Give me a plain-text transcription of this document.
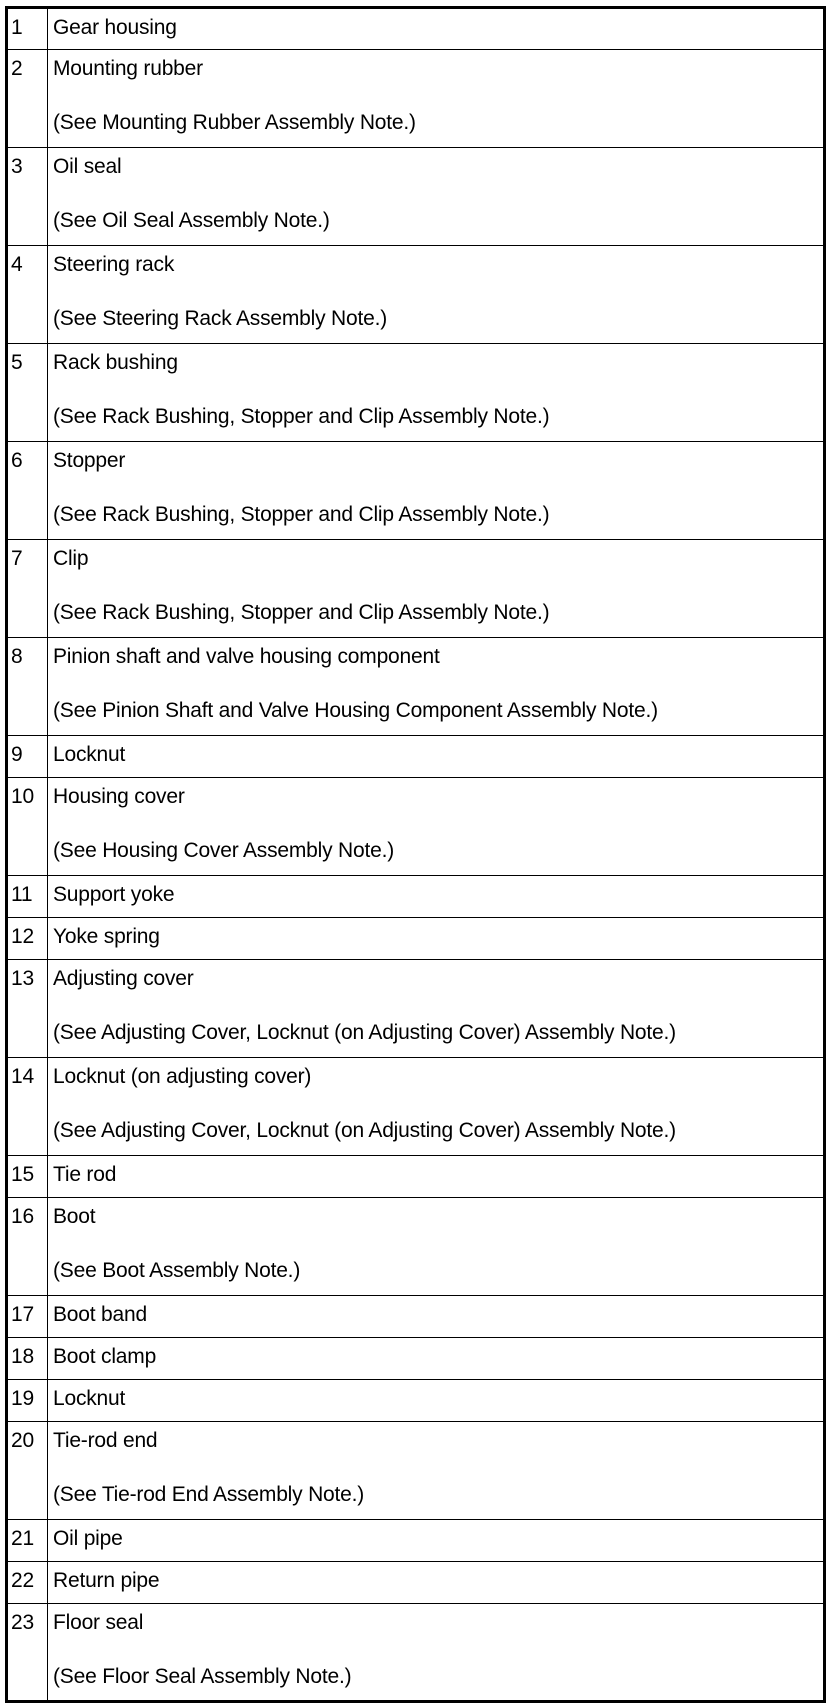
1	Gear housing

2	Mounting rubber
(See Mounting Rubber Assembly Note.)

3	Oil seal
(See Oil Seal Assembly Note.)

4	Steering rack
(See Steering Rack Assembly Note.)

5	Rack bushing
(See Rack Bushing, Stopper and Clip Assembly Note.)

6	Stopper
(See Rack Bushing, Stopper and Clip Assembly Note.)

7	Clip
(See Rack Bushing, Stopper and Clip Assembly Note.)

8	Pinion shaft and valve housing component
(See Pinion Shaft and Valve Housing Component Assembly Note.)

9	Locknut

10	Housing cover
(See Housing Cover Assembly Note.)

11	Support yoke

12	Yoke spring

13	Adjusting cover
(See Adjusting Cover, Locknut (on Adjusting Cover) Assembly Note.)

14	Locknut (on adjusting cover)
(See Adjusting Cover, Locknut (on Adjusting Cover) Assembly Note.)

15	Tie rod

16	Boot
(See Boot Assembly Note.)

17	Boot band

18	Boot clamp

19	Locknut

20	Tie-rod end
(See Tie-rod End Assembly Note.)

21	Oil pipe

22	Return pipe

23	Floor seal
(See Floor Seal Assembly Note.)
